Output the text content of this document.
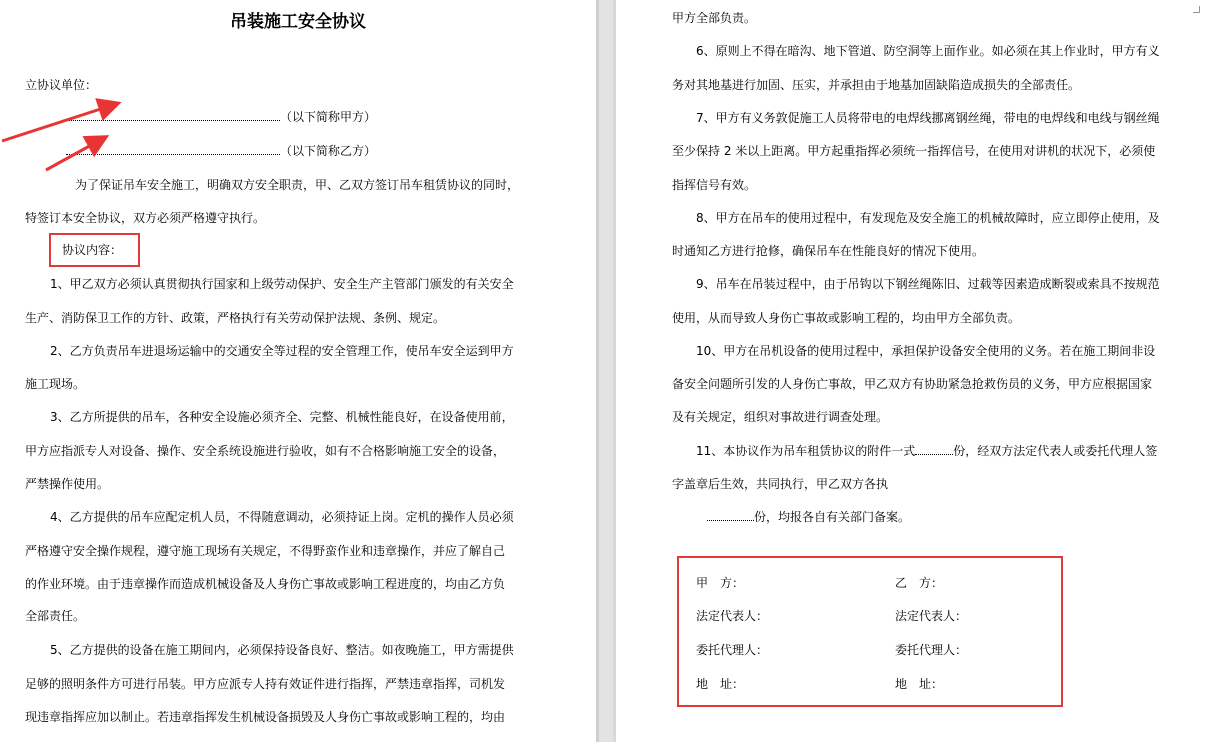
吊装施工安全协议
立协议单位：
（以下简称甲方）
（以下简称乙方）
为了保证吊车安全施工，明确双方安全职责，甲、乙双方签订吊车租赁协议的同时，
特签订本安全协议，双方必须严格遵守执行。
协议内容：
1、甲乙双方必须认真贯彻执行国家和上级劳动保护、安全生产主管部门颁发的有关安全
生产、消防保卫工作的方针、政策，严格执行有关劳动保护法规、条例、规定。
2、乙方负责吊车进退场运输中的交通安全等过程的安全管理工作，使吊车安全运到甲方
施工现场。
3、乙方所提供的吊车，各种安全设施必须齐全、完整、机械性能良好，在设备使用前，
甲方应指派专人对设备、操作、安全系统设施进行验收，如有不合格影响施工安全的设备，
严禁操作使用。
4、乙方提供的吊车应配定机人员，不得随意调动，必须持证上岗。定机的操作人员必须
严格遵守安全操作规程，遵守施工现场有关规定，不得野蛮作业和违章操作，并应了解自己
的作业环境。由于违章操作而造成机械设备及人身伤亡事故或影响工程进度的，均由乙方负
全部责任。
5、乙方提供的设备在施工期间内，必须保持设备良好、整洁。如夜晚施工，甲方需提供
足够的照明条件方可进行吊装。甲方应派专人持有效证件进行指挥，严禁违章指挥，司机发
现违章指挥应加以制止。若违章指挥发生机械设备损毁及人身伤亡事故或影响工程的，均由
甲方全部负责。
6、原则上不得在暗沟、地下管道、防空洞等上面作业。如必须在其上作业时，甲方有义
务对其地基进行加固、压实，并承担由于地基加固缺陷造成损失的全部责任。
7、甲方有义务敦促施工人员将带电的电焊线挪离钢丝绳，带电的电焊线和电线与钢丝绳
至少保持 2 米以上距离。甲方起重指挥必须统一指挥信号，在使用对讲机的状况下，必须使
指挥信号有效。
8、甲方在吊车的使用过程中，有发现危及安全施工的机械故障时，应立即停止使用，及
时通知乙方进行抢修，确保吊车在性能良好的情况下使用。
9、吊车在吊装过程中，由于吊钩以下钢丝绳陈旧、过载等因素造成断裂或索具不按规范
使用，从而导致人身伤亡事故或影响工程的，均由甲方全部负责。
10、甲方在吊机设备的使用过程中，承担保护设备安全使用的义务。若在施工期间非设
备安全问题所引发的人身伤亡事故，甲乙双方有协助紧急抢救伤员的义务，甲方应根据国家
及有关规定，组织对事故进行调查处理。
11、本协议作为吊车租赁协议的附件一式	份，经双方法定代表人或委托代理人签
字盖章后生效，共同执行，甲乙双方各执
份，均报各自有关部门备案。
甲　方：	乙　方：
法定代表人：	法定代表人：
委托代理人：	委托代理人：
地　址：	地　址：
